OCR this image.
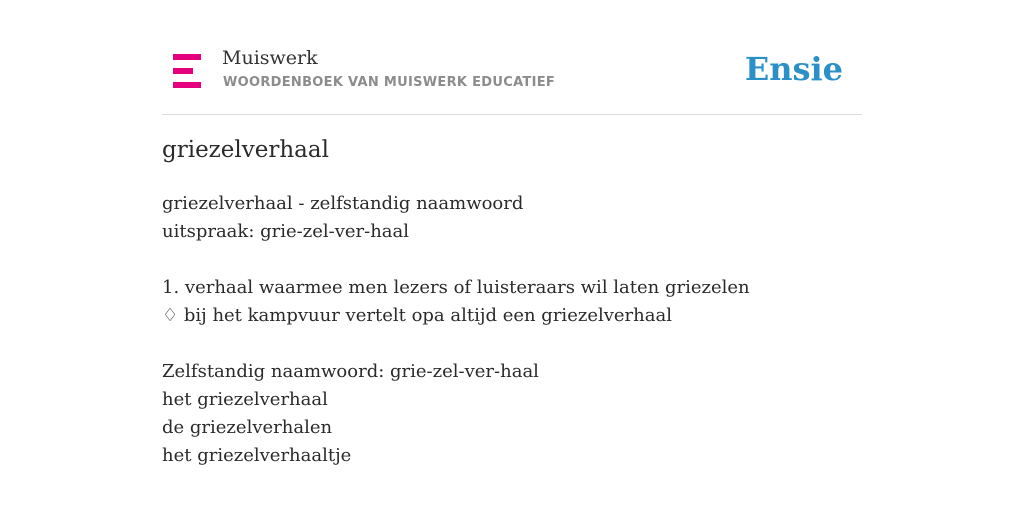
Muiswerk
WOORDENBOEK VAN MUISWERK EDUCATIEF	Ensie
griezelverhaal
griezelverhaal - zelfstandig naamwoord
uitspraak: grie-zel-ver-haal
1. verhaal waarmee men lezers of luisteraars wil laten griezelen
♢ bij het kampvuur vertelt opa altijd een griezelverhaal
Zelfstandig naamwoord: grie-zel-ver-haal
het griezelverhaal
de griezelverhalen
het griezelverhaaltje
